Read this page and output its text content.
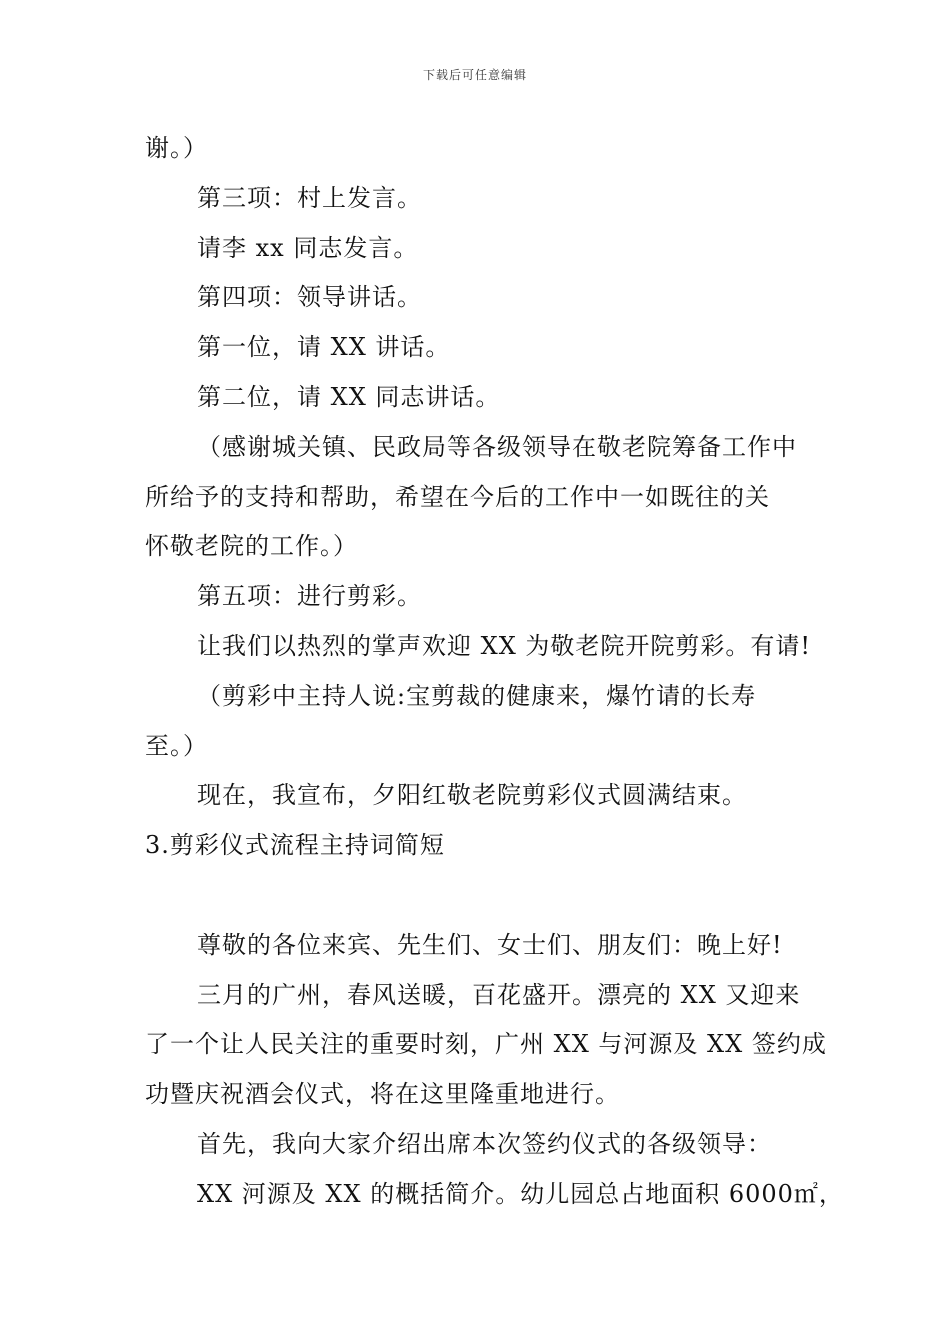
下载后可任意编辑
谢。）
第三项：村上发言。
请李 xx 同志发言。
第四项：领导讲话。
第一位，请 XX 讲话。
第二位，请 XX 同志讲话。
（感谢城关镇、民政局等各级领导在敬老院筹备工作中
所给予的支持和帮助，希望在今后的工作中一如既往的关
怀敬老院的工作。）
第五项：进行剪彩。
让我们以热烈的掌声欢迎 XX 为敬老院开院剪彩。有请!
（剪彩中主持人说:宝剪裁的健康来，爆竹请的长寿
至。）
现在，我宣布，夕阳红敬老院剪彩仪式圆满结束。
3.剪彩仪式流程主持词简短
尊敬的各位来宾、先生们、女士们、朋友们：晚上好!
三月的广州，春风送暖，百花盛开。漂亮的 XX 又迎来
了一个让人民关注的重要时刻，广州 XX 与河源及 XX 签约成
功暨庆祝酒会仪式，将在这里隆重地进行。
首先，我向大家介绍出席本次签约仪式的各级领导：
XX 河源及 XX 的概括简介。幼儿园总占地面积 6000㎡，
